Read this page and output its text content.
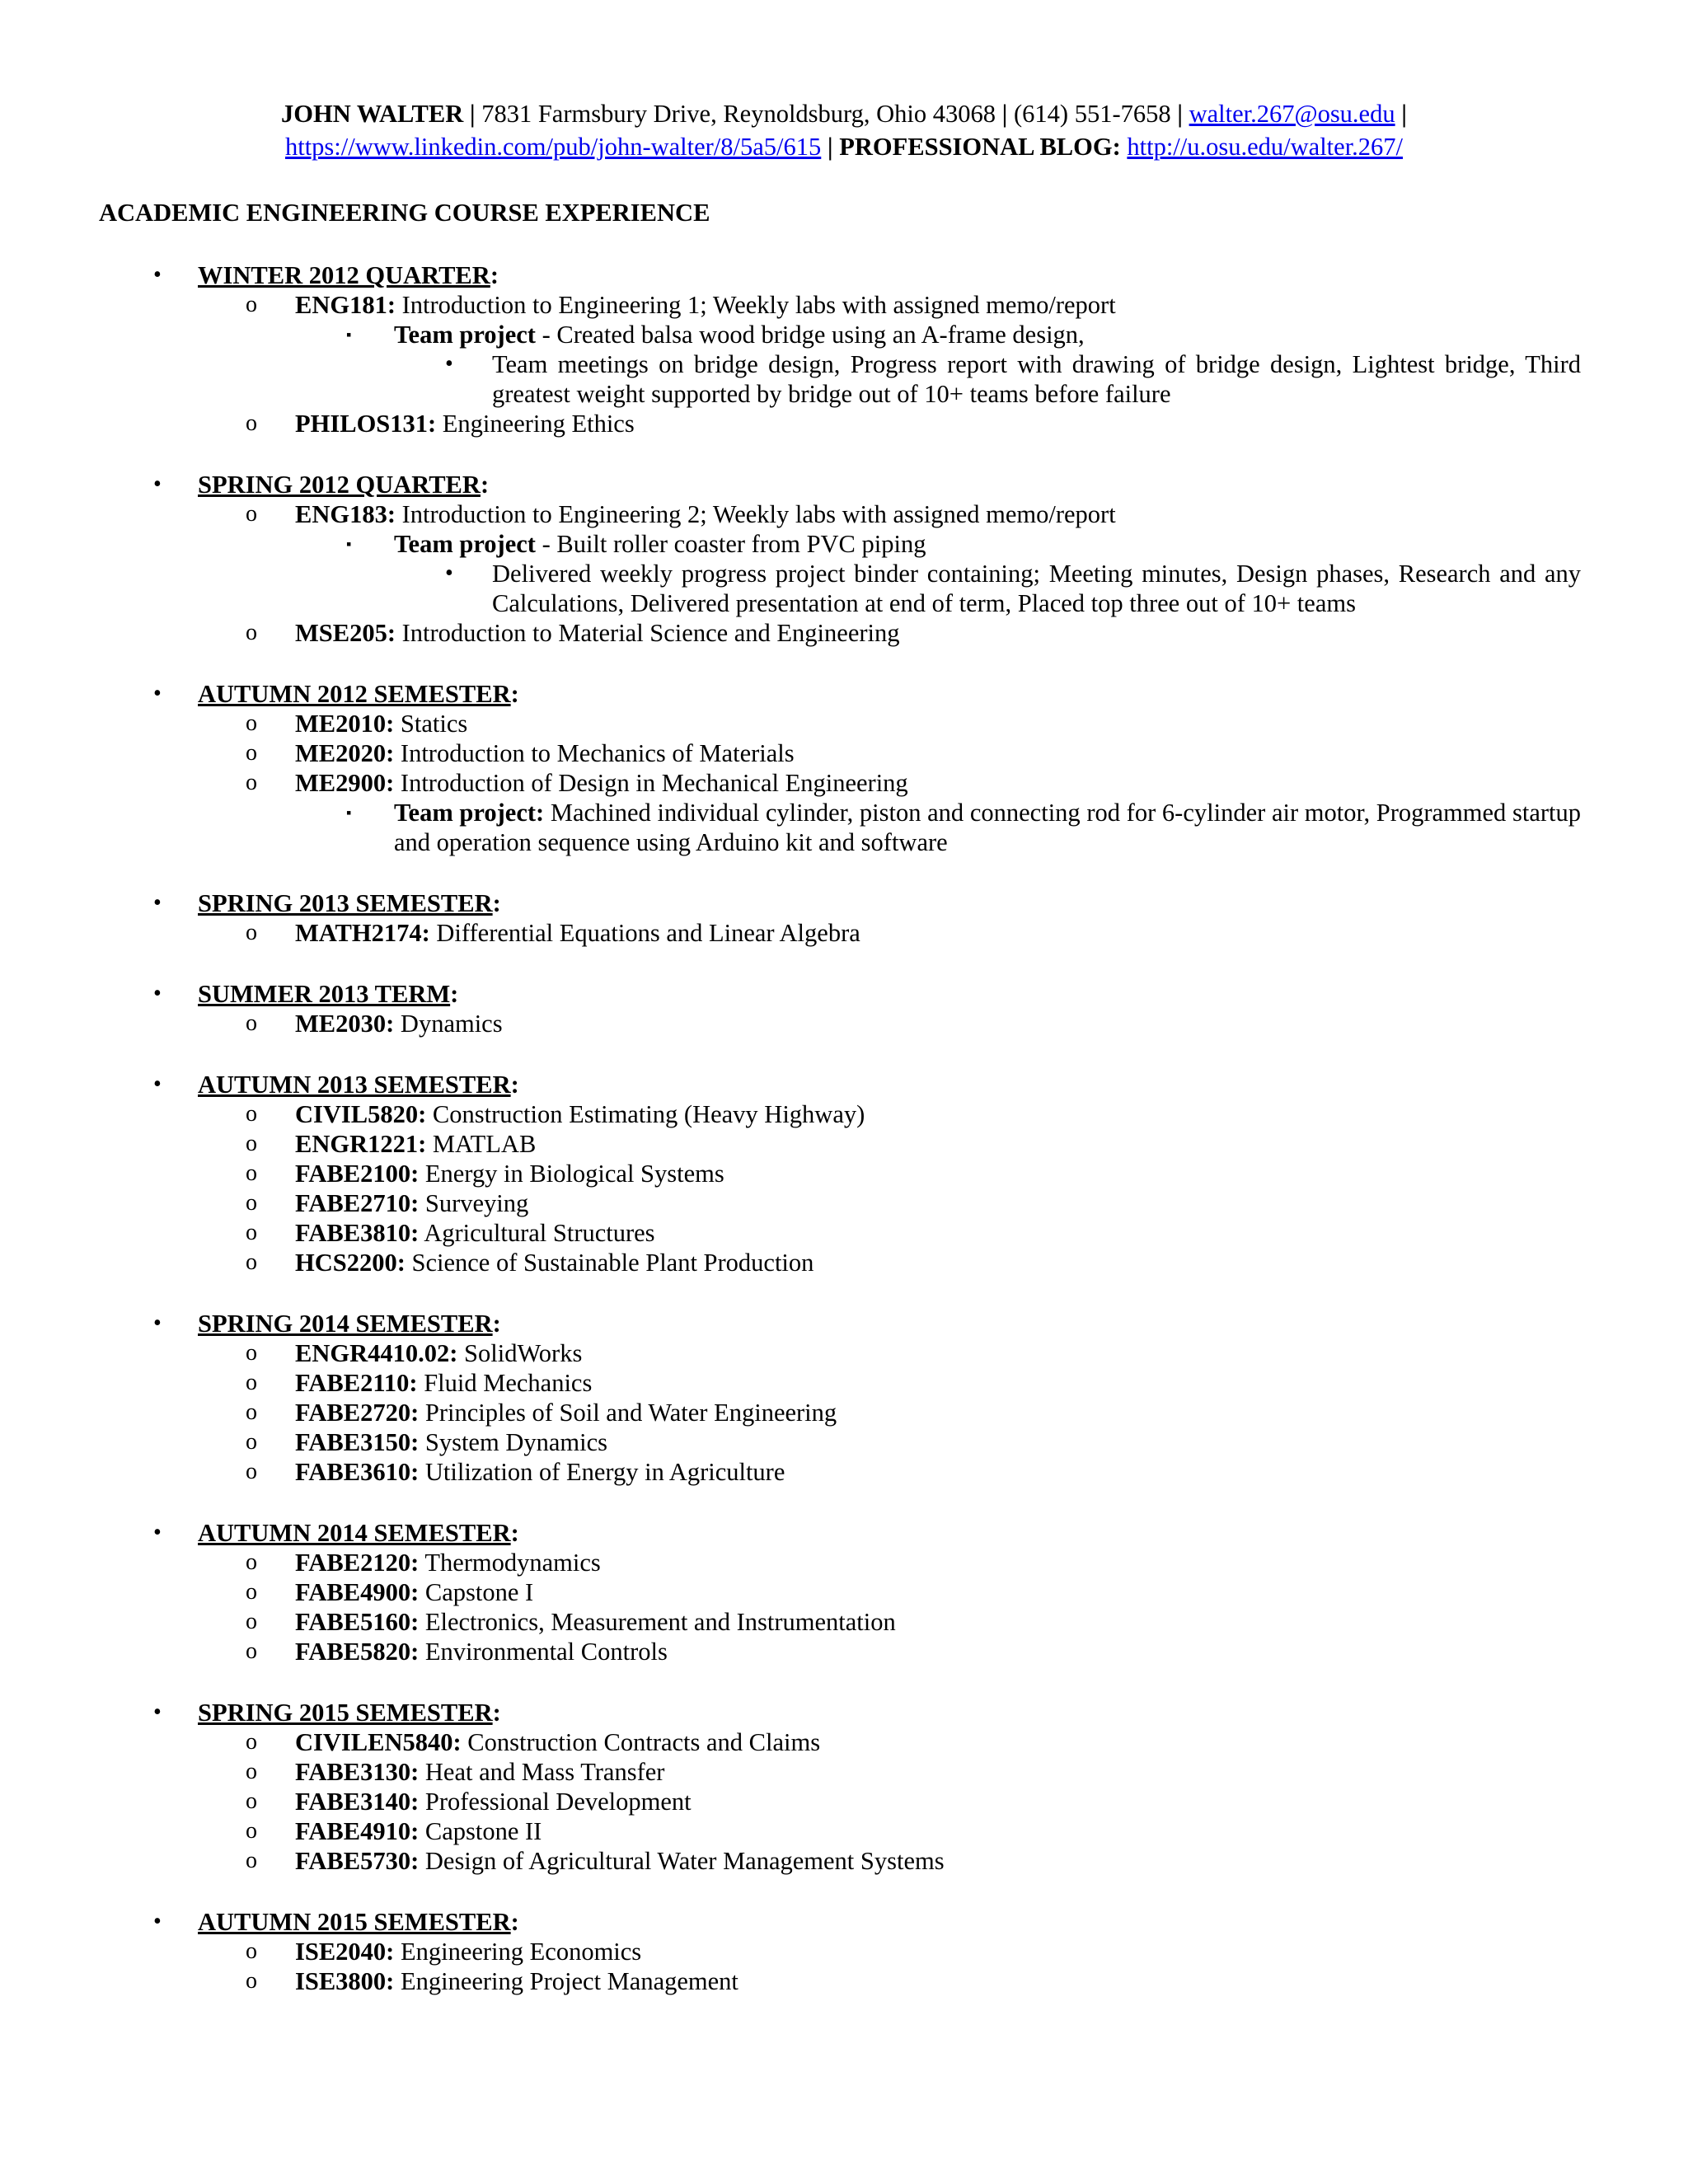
JOHN WALTER | 7831 Farmsbury Drive, Reynoldsburg, Ohio 43068 | (614) 551-7658 | walter.267@osu.edu |
https://www.linkedin.com/pub/john-walter/8/5a5/615 | PROFESSIONAL BLOG: http://u.osu.edu/walter.267/
ACADEMIC ENGINEERING COURSE EXPERIENCE
• WINTER 2012 QUARTER:
o ENG181: Introduction to Engineering 1; Weekly labs with assigned memo/report
▪ Team project - Created balsa wood bridge using an A-frame design,
• Team meetings on bridge design, Progress report with drawing of bridge design, Lightest bridge, Third greatest weight supported by bridge out of 10+ teams before failure
o PHILOS131: Engineering Ethics
• SPRING 2012 QUARTER:
o ENG183: Introduction to Engineering 2; Weekly labs with assigned memo/report
▪ Team project - Built roller coaster from PVC piping
• Delivered weekly progress project binder containing; Meeting minutes, Design phases, Research and any Calculations, Delivered presentation at end of term, Placed top three out of 10+ teams
o MSE205: Introduction to Material Science and Engineering
• AUTUMN 2012 SEMESTER:
o ME2010: Statics
o ME2020: Introduction to Mechanics of Materials
o ME2900: Introduction of Design in Mechanical Engineering
▪ Team project: Machined individual cylinder, piston and connecting rod for 6-cylinder air motor, Programmed startup and operation sequence using Arduino kit and software
• SPRING 2013 SEMESTER:
o MATH2174: Differential Equations and Linear Algebra
• SUMMER 2013 TERM:
o ME2030: Dynamics
• AUTUMN 2013 SEMESTER:
o CIVIL5820: Construction Estimating (Heavy Highway)
o ENGR1221: MATLAB
o FABE2100: Energy in Biological Systems
o FABE2710: Surveying
o FABE3810: Agricultural Structures
o HCS2200: Science of Sustainable Plant Production
• SPRING 2014 SEMESTER:
o ENGR4410.02: SolidWorks
o FABE2110: Fluid Mechanics
o FABE2720: Principles of Soil and Water Engineering
o FABE3150: System Dynamics
o FABE3610: Utilization of Energy in Agriculture
• AUTUMN 2014 SEMESTER:
o FABE2120: Thermodynamics
o FABE4900: Capstone I
o FABE5160: Electronics, Measurement and Instrumentation
o FABE5820: Environmental Controls
• SPRING 2015 SEMESTER:
o CIVILEN5840: Construction Contracts and Claims
o FABE3130: Heat and Mass Transfer
o FABE3140: Professional Development
o FABE4910: Capstone II
o FABE5730: Design of Agricultural Water Management Systems
• AUTUMN 2015 SEMESTER:
o ISE2040: Engineering Economics
o ISE3800: Engineering Project Management
